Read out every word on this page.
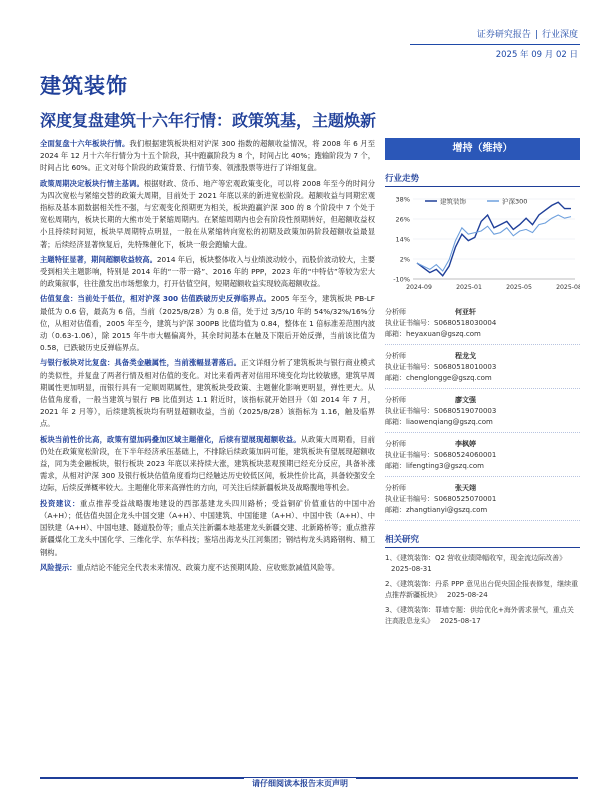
证券研究报告 | 行业深度
2025 年 09 月 02 日
建筑装饰
深度复盘建筑十六年行情：政策筑基，主题焕新

全面复盘十六年板块行情。我们根据建筑板块相对沪深 300 指数的超额收益情况，将 2008 年 6 月至 2024 年 12 月十六年行情分为十五个阶段，其中跑赢阶段为 8 个，时间占比 40%；跑输阶段为 7 个，时间占比 60%。正文对每个阶段的政策背景、行情节奏、领涨股票等进行了详细复盘。

政策周期决定板块行情主基调。根据财政、货币、地产等宏观政策变化，可以将 2008 年至今的时间分为四次宽松与紧缩交替的政策大周期，目前处于 2021 年底以来的新进宽松阶段。超额收益与同期宏观指标及基本面数据相关性不强，与宏观变化预期更为相关，板块跑赢沪深 300 的 8 个阶段中 7 个处于宽松周期内，板块长期的大熊市处于紧缩周期内。在紧缩周期内也会有阶段性预期转好，但超额收益权小且持续时间短，板块早周期特点明显，一般在从紧缩转向宽松的初期及政策加码阶段超额收益最显著；后续经济显著恢复后，先特殊催化下，板块一般会跑输大盘。

主题特征显著，期间超额收益较高。2014 年后，板块整体收入与业绩波动较小，而股价波动较大，主要受到相关主题影响，特别是 2014 年的“一带一路”、2016 年的 PPP，2023 年的“中特估”等较为宏大的政策叙事，往往激发出市场想象力，打开估值空间，短期超额收益实现较高超额收益。

估值复盘：当前处于低位，相对沪深 300 估值跌破历史反弹临界点。2005 年至今，建筑板块 PB-LF 最低为 0.6 倍，最高为 6 倍，当前（2025/8/28）为 0.8 倍，处于过 3/5/10 年的 54%/32%/16%分位，从相对估值看，2005 年至今，建筑与沪深 300PB 比值均值为 0.84，整体在 1 倍标准差范围内波动（0.63-1.06），除 2015 年牛市大幅偏离外，其余时间基本在触及下限后开始反弹，当前该比值为 0.58，已跌破历史反弹临界点。

与银行板块对比复盘：具备类金融属性，当前涨幅显著落后。正文详细分析了建筑板块与银行商业模式的类似性，并复盘了两者行情及相对估值的变化。对比来看两者对信用环境变化均比较敏感，建筑早周期属性更加明显，而银行具有一定顺周期属性，建筑板块受政策、主题催化影响更明显，弹性更大。从估值角度看，一般当建筑与银行 PB 比值到达 1.1 附近时，该指标就开始回升（如 2014 年 7 月，2021 年 2 月等），后续建筑板块均有明显超额收益，当前（2025/8/28）该指标为 1.16，触及临界点。

板块当前性价比高，政策有望加码叠加区域主题催化，后续有望展现超额收益。从政策大周期看，目前仍处在政策宽松阶段，在下半年经济承压基础上，不排除后续政策加码可能，建筑板块有望展现超额收益，同为类金融板块，银行板块 2023 年底以来持续大涨，建筑板块悲观预期已经充分反应，具备补涨需求，从相对沪深 300 及银行板块估值角度看均已经触达历史较低区间，板块性价比高，具备较强安全边际，后续反弹概率较大。主题催化带来高弹性的方向，可关注后续新疆板块及战略腹地等机会。

投资建议：重点推荐受益战略腹地建设的西部基建龙头四川路桥；受益铜矿价值重估的中国中冶（A+H）；低估值央国企龙头中国交建（A+H）、中国建筑、中国能建（A+H）、中国中铁（A+H）、中国铁建（A+H）、中国电建、隧道股份等；重点关注新疆本地基建龙头新疆交建、北新路桥等；重点推荐新疆煤化工龙头中国化学、三维化学、东华科技；鉴培出海龙头江河集团；钢结构龙头鸿路钢构、精工钢构。

风险提示：重点结论不能完全代表未来情况、政策力度不达预期风险、应收账款减值风险等。

增持（维持）
行业走势
-10%
2%
14%
26%
38%
2024-09	2025-01	2025-05	2025-08
建筑装饰	沪深300
分析师	何亚轩
执业证书编号： S0680518030004
邮箱： heyaxuan@gszq.com
分析师	程龙戈
执业证书编号： S0680518010003
邮箱： chenglongge@gszq.com
分析师	廖文强
执业证书编号： S0680519070003
邮箱： liaowenqiang@gszq.com
分析师	李枫婷
执业证书编号： S0680524060001
邮箱： lifengting3@gszq.com
分析师	张天翊
执业证书编号： S0680525070001
邮箱： zhangtianyi@gszq.com
相关研究
1、《建筑装饰：Q2 营收业绩降幅收窄，现金流边际改善》2025-08-31
2、《建筑装饰：丹系 PPP 意见出台促央国企报表修复，继续重点推荐新疆板块》 2025-08-24
3、《建筑装饰：罪墙专题：供给优化+海外需求景气，重点关注高股息龙头》 2025-08-17
请仔细阅读本报告末页声明
